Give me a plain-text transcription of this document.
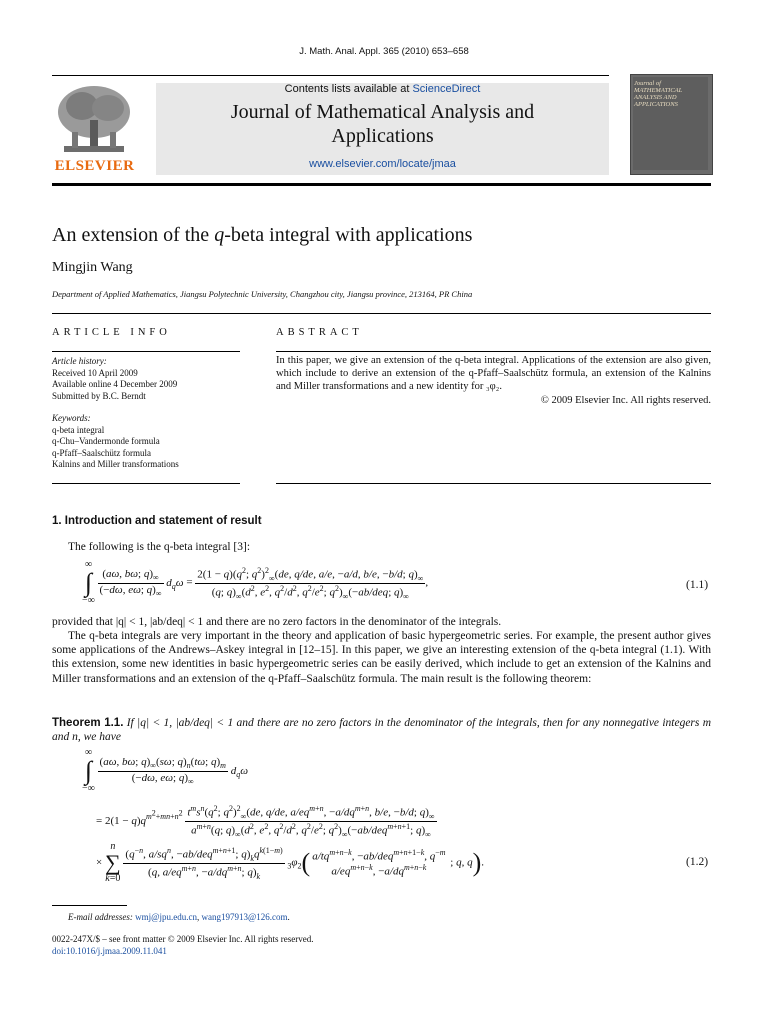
J. Math. Anal. Appl. 365 (2010) 653–658
Contents lists available at ScienceDirect
Journal of Mathematical Analysis and
Applications
www.elsevier.com/locate/jmaa
ELSEVIER
Journal of MATHEMATICAL ANALYSIS AND APPLICATIONS
An extension of the q-beta integral with applications
Mingjin Wang
Department of Applied Mathematics, Jiangsu Polytechnic University, Changzhou city, Jiangsu province, 213164, PR China
ARTICLE INFO	ABSTRACT
Article history:
Received 10 April 2009
Available online 4 December 2009
Submitted by B.C. Berndt
Keywords:
q-beta integral
q-Chu–Vandermonde formula
q-Pfaff–Saalschütz formula
Kalnins and Miller transformations
In this paper, we give an extension of the q-beta integral. Applications of the extension are also given, which include to derive an extension of the q-Pfaff–Saalschütz formula, an extension of the Kalnins and Miller transformations and a new identity for ₃φ₂.
© 2009 Elsevier Inc. All rights reserved.
1. Introduction and statement of result
The following is the q-beta integral [3]:
∞
∫
−∞
$\frac{(a\omega, b\omega; q)_\infty}{(-d\omega, e\omega; q)_\infty} d_q\omega = \frac{2(1 - q)(q^2; q^2)^2_\infty(de, q/de, a/e, -a/d, b/e, -b/d; q)_\infty}{(q; q)_\infty(d^2, e^2, q^2/d^2, q^2/e^2; q^2)_\infty(-ab/deq; q)_\infty}$ ,	(1.1)
provided that |q| < 1, |ab/deq| < 1 and there are no zero factors in the denominator of the integrals.
The q-beta integrals are very important in the theory and application of basic hypergeometric series. For example, the present author gives some applications of the Andrews–Askey integral in [12–15]. In this paper, we give an interesting extension of the q-beta integral (1.1). With this extension, some new identities in basic hypergeometric series can be easily derived, which include to get an extension of the Kalnins and Miller transformations and an extension of the q-Pfaff–Saalschütz formula. The main result is the following theorem:
Theorem 1.1. If |q| < 1, |ab/deq| < 1 and there are no zero factors in the denominator of the integrals, then for any nonnegative integers m and n, we have
∞
∫
−∞
$\frac{(a\omega, b\omega; q)_\infty(s\omega; q)_n(t\omega; q)_m}{(-d\omega, e\omega; q)_\infty} d_q\omega$
= $2(1 - q)q^{m^2+mn+n^2} \frac{t^ms^n(q^2; q^2)^2_\infty(de, q/de, a/eq^{m+n}, -a/dq^{m+n}, b/e, -b/d; q)_\infty}{a^{m+n}(q; q)_\infty(d^2, e^2, q^2/d^2, q^2/e^2; q^2)_\infty(-ab/deq^{m+n+1}; q)_\infty}$
× n
∑
$k=0 \frac{(q^{-n}, a/sq^n, -ab/deq^{m+n+1}; q)_kq^{k(1-m)}}{(q, a/eq^{m+n}, -a/dq^{m+n}; q)_k} _3\varphi_2$( $a/tq^{m+n-k}$, −ab/deq$^{m+n+1-k}$, $q^{-m}$
$a/eq^{m+n-k}$, $-a/dq^{m+n-k}$	; q, q).	(1.2)
E-mail addresses: wmj@jpu.edu.cn, wang197913@126.com.
0022-247X/$ – see front matter © 2009 Elsevier Inc. All rights reserved.
doi:10.1016/j.jmaa.2009.11.041
